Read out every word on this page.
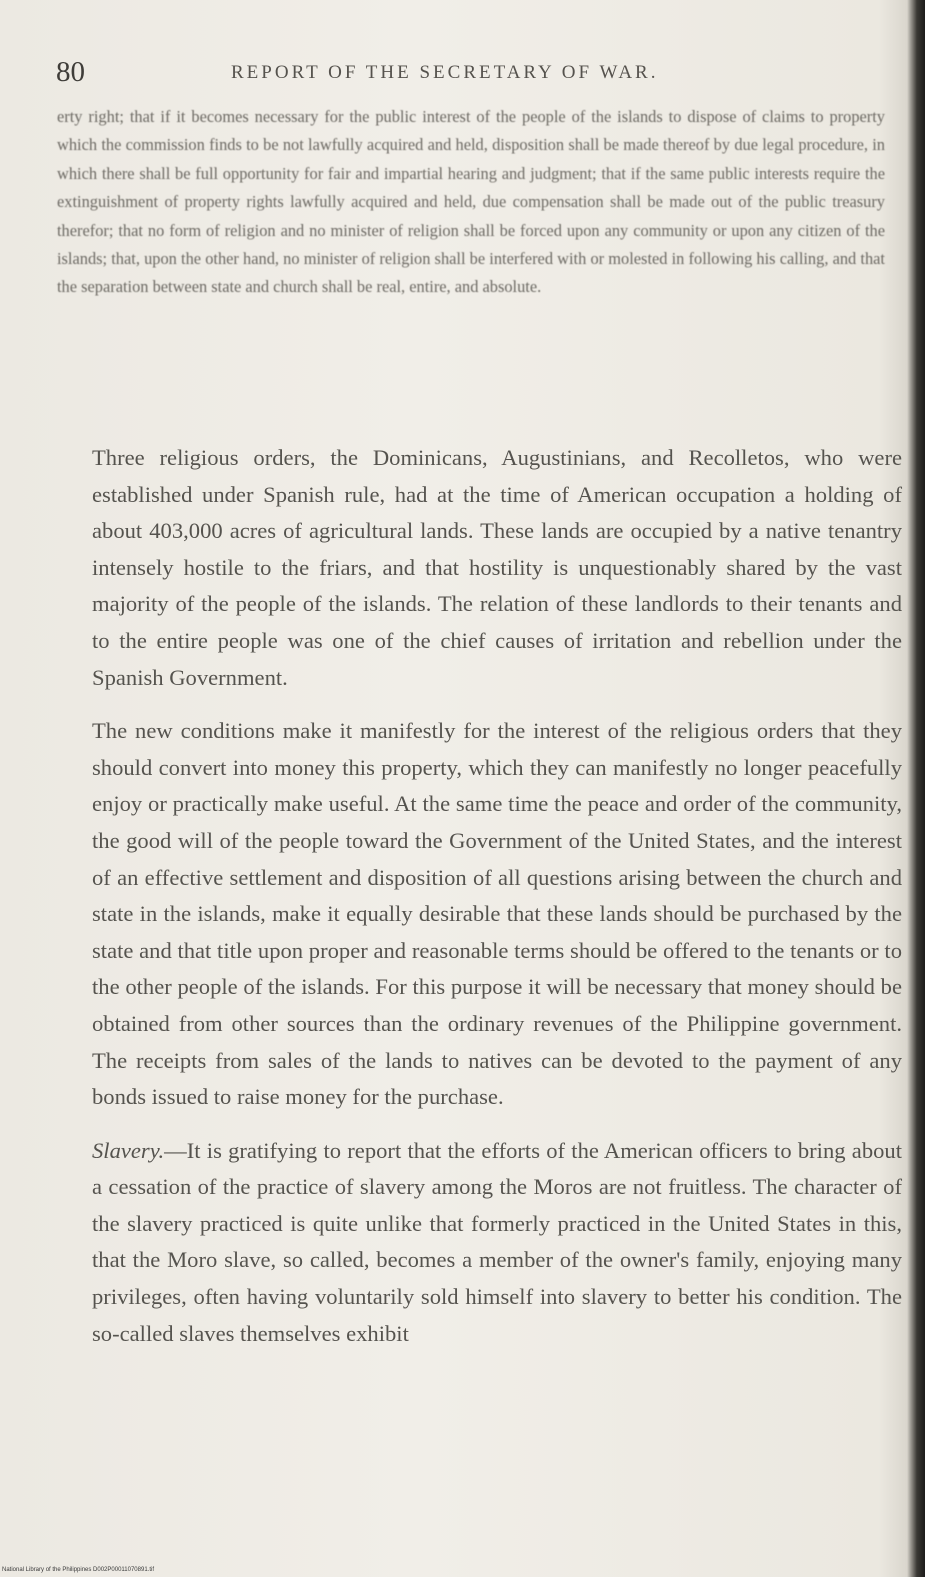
80	REPORT OF THE SECRETARY OF WAR.
erty right; that if it becomes necessary for the public interest of the people of the islands to dispose of claims to property which the commission finds to be not lawfully acquired and held, disposition shall be made thereof by due legal procedure, in which there shall be full opportunity for fair and impartial hearing and judgment; that if the same public interests require the extinguishment of property rights lawfully acquired and held, due compensation shall be made out of the public treasury therefor; that no form of religion and no minister of religion shall be forced upon any community or upon any citizen of the islands; that, upon the other hand, no minister of religion shall be interfered with or molested in following his calling, and that the separation between state and church shall be real, entire, and absolute.

Three religious orders, the Dominicans, Augustinians, and Recolletos, who were established under Spanish rule, had at the time of American occupation a holding of about 403,000 acres of agricultural lands. These lands are occupied by a native tenantry intensely hostile to the friars, and that hostility is unquestionably shared by the vast majority of the people of the islands. The relation of these landlords to their tenants and to the entire people was one of the chief causes of irritation and rebellion under the Spanish Government.

The new conditions make it manifestly for the interest of the religious orders that they should convert into money this property, which they can manifestly no longer peacefully enjoy or practically make useful. At the same time the peace and order of the community, the good will of the people toward the Government of the United States, and the interest of an effective settlement and disposition of all questions arising between the church and state in the islands, make it equally desirable that these lands should be purchased by the state and that title upon proper and reasonable terms should be offered to the tenants or to the other people of the islands. For this purpose it will be necessary that money should be obtained from other sources than the ordinary revenues of the Philippine government. The receipts from sales of the lands to natives can be devoted to the payment of any bonds issued to raise money for the purchase.

Slavery.—It is gratifying to report that the efforts of the American officers to bring about a cessation of the practice of slavery among the Moros are not fruitless. The character of the slavery practiced is quite unlike that formerly practiced in the United States in this, that the Moro slave, so called, becomes a member of the owner's family, enjoying many privileges, often having voluntarily sold himself into slavery to better his condition. The so-called slaves themselves exhibit

National Library of the Philippines D002P00011070891.tif
